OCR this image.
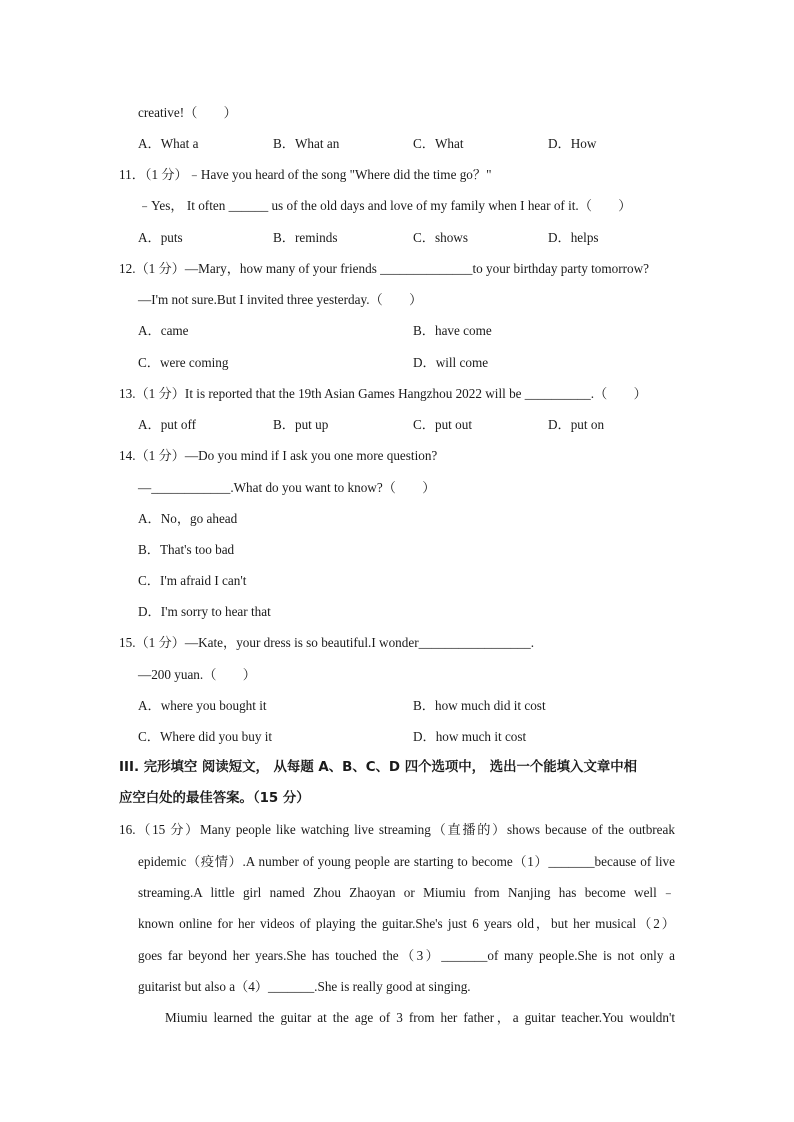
creative!（　　）
A．What a	B．What an	C．What	D．How
11．（1 分）﹣Have you heard of the song "Where did the time go？"
﹣Yes， It often ______ us of the old days and love of my family when I hear of it.（　　）
A．puts	B．reminds	C．shows	D．helps
12.（1 分）—Mary，how many of your friends ______________to your birthday party tomorrow?
—I'm not sure.But I invited three yesterday.（　　）
A．came	B．have come
C．were coming	D．will come
13.（1 分）It is reported that the 19th Asian Games Hangzhou 2022 will be __________.（　　）
A．put off	B．put up	C．put out	D．put on
14.（1 分）—Do you mind if I ask you one more question?
—____________.What do you want to know?（　　）
A．No，go ahead
B．That's too bad
C．I'm afraid I can't
D．I'm sorry to hear that
15.（1 分）—Kate，your dress is so beautiful.I wonder_________________.
—200 yuan.（　　）
A．where you bought it	B．how much did it cost
C．Where did you buy it	D．how much it cost
III. 完形填空 阅读短文， 从每题 A、B、C、D 四个选项中， 选出一个能填入文章中相
应空白处的最佳答案。（15 分）
16.（15 分）Many people like watching live streaming（直播的）shows because of the outbreak
epidemic（疫情）.A number of young people are starting to become（1）_______because of live
streaming.A little girl named Zhou Zhaoyan or Miumiu from Nanjing has become well﹣
known online for her videos of playing the guitar.She's just 6 years old，but her musical（2）
goes far beyond her years.She has touched the（3）_______of many people.She is not only a
guitarist but also a（4）_______.She is really good at singing.
Miumiu learned the guitar at the age of 3 from her father，a guitar teacher.You wouldn't
